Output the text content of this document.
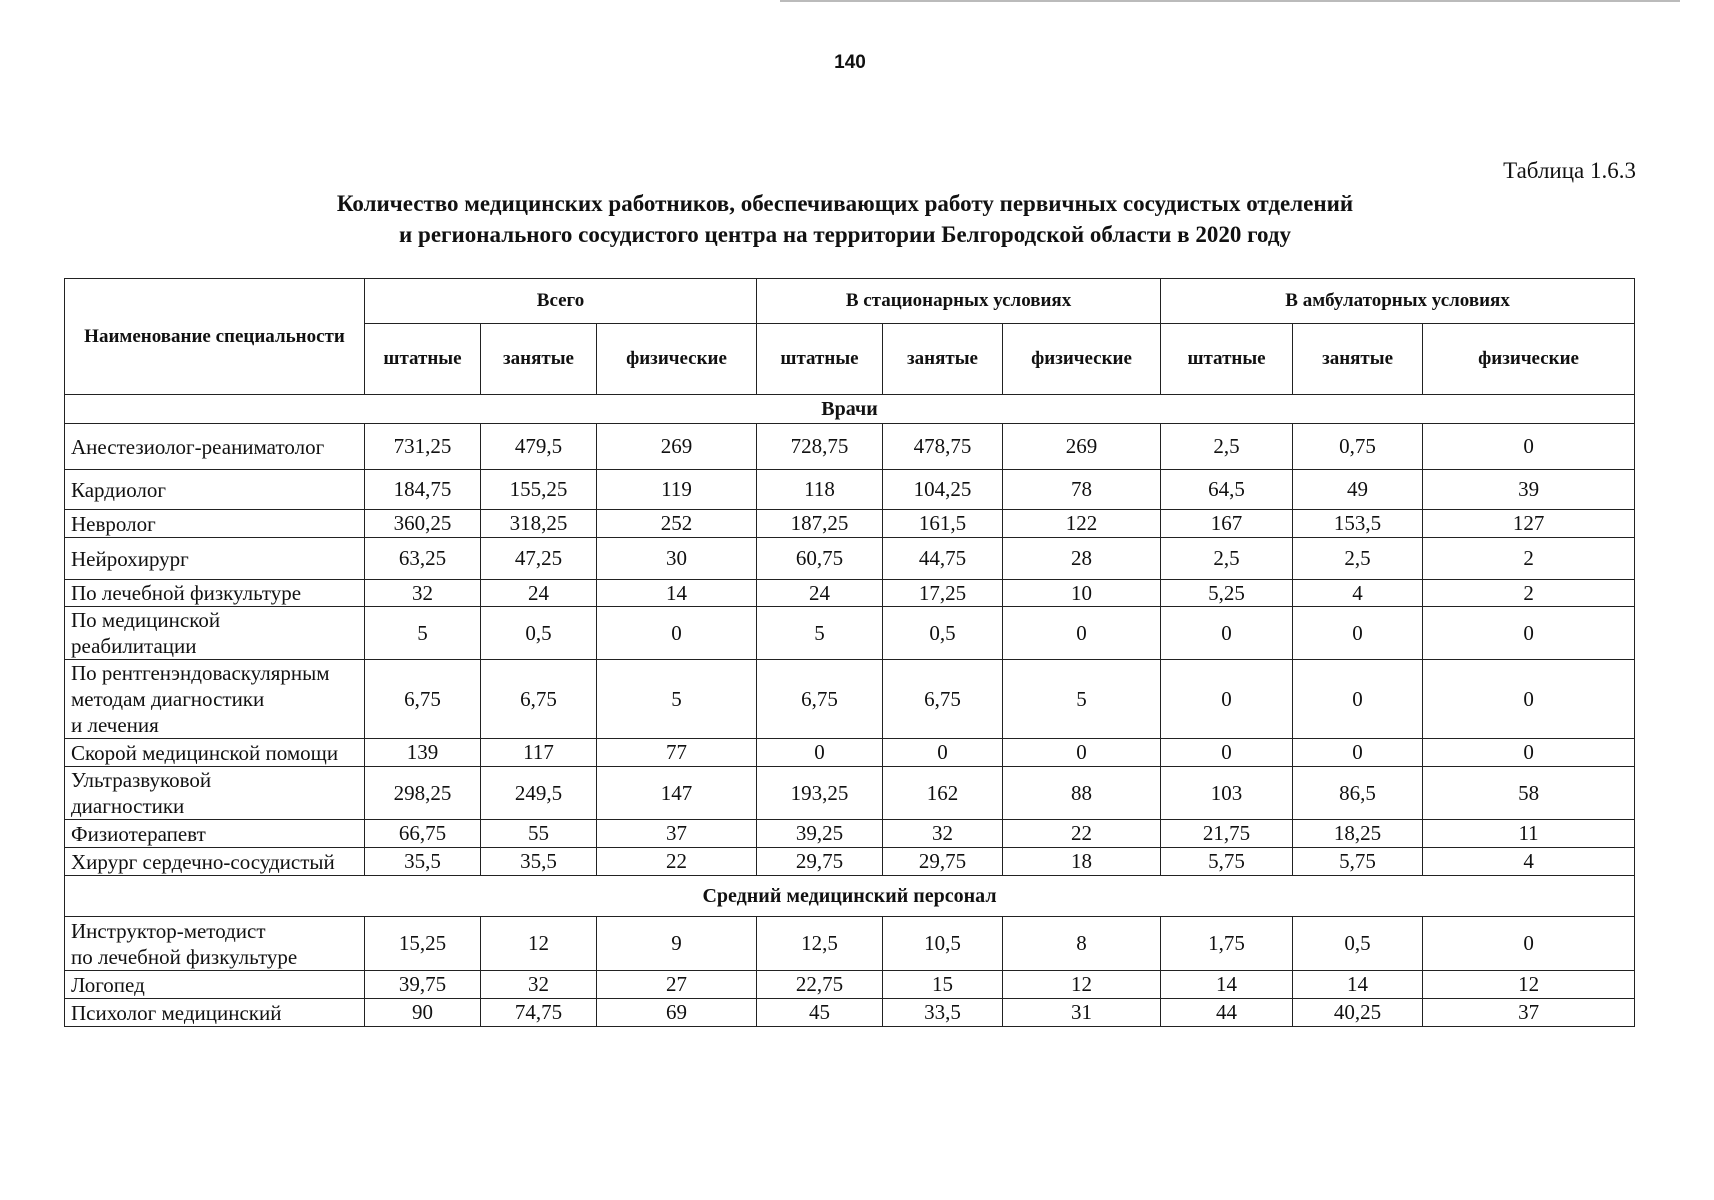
140
Таблица 1.6.3
Количество медицинских работников, обеспечивающих работу первичных сосудистых отделений
и регионального сосудистого центра на территории Белгородской области в 2020 году
Наименование специальности	Всего			В стационарных условиях			В амбулаторных условиях		
	штатные	занятые	физические	штатные	занятые	физические	штатные	занятые	физические
Врачи									
Анестезиолог-реаниматолог	731,25	479,5	269	728,75	478,75	269	2,5	0,75	0
Кардиолог	184,75	155,25	119	118	104,25	78	64,5	49	39
Невролог	360,25	318,25	252	187,25	161,5	122	167	153,5	127
Нейрохирург	63,25	47,25	30	60,75	44,75	28	2,5	2,5	2
По лечебной физкультуре	32	24	14	24	17,25	10	5,25	4	2
По медицинской
реабилитации	5	0,5	0	5	0,5	0	0	0	0
По рентгенэндоваскулярным
методам диагностики
и лечения	6,75	6,75	5	6,75	6,75	5	0	0	0
Скорой медицинской помощи	139	117	77	0	0	0	0	0	0
Ультразвуковой
диагностики	298,25	249,5	147	193,25	162	88	103	86,5	58
Физиотерапевт	66,75	55	37	39,25	32	22	21,75	18,25	11
Хирург сердечно-сосудистый	35,5	35,5	22	29,75	29,75	18	5,75	5,75	4
Средний медицинский персонал									
Инструктор-методист
по лечебной физкультуре	15,25	12	9	12,5	10,5	8	1,75	0,5	0
Логопед	39,75	32	27	22,75	15	12	14	14	12
Психолог медицинский	90	74,75	69	45	33,5	31	44	40,25	37
